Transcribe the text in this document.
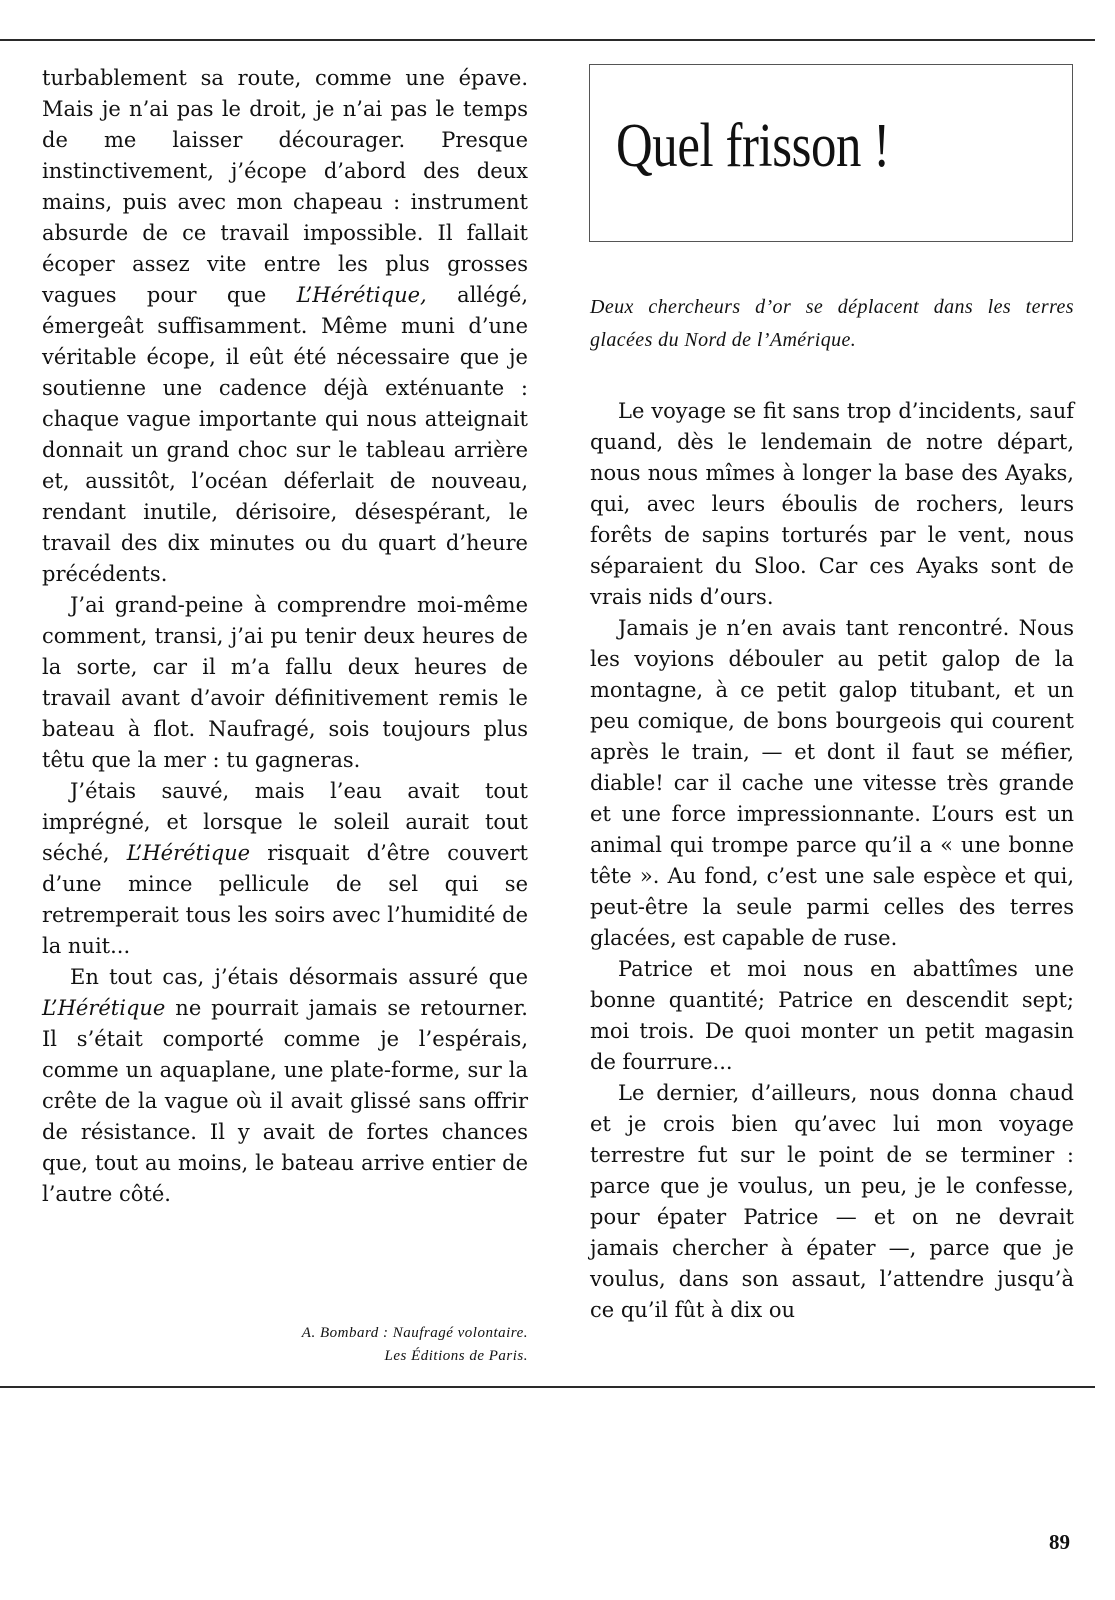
turbablement sa route, comme une épave. Mais je n’ai pas le droit, je n’ai pas le temps de me laisser décourager. Presque instinctivement, j’écope d’abord des deux mains, puis avec mon chapeau : instrument absurde de ce travail impossible. Il fallait écoper assez vite entre les plus grosses vagues pour que L’Hérétique, allégé, émergeât suffisamment. Même muni d’une véritable écope, il eût été nécessaire que je soutienne une cadence déjà exténuante : chaque vague importante qui nous atteignait donnait un grand choc sur le tableau arrière et, aussitôt, l’océan déferlait de nouveau, rendant inutile, dérisoire, désespérant, le travail des dix minutes ou du quart d’heure précédents.

J’ai grand-peine à comprendre moi-même comment, transi, j’ai pu tenir deux heures de la sorte, car il m’a fallu deux heures de travail avant d’avoir définitivement remis le bateau à flot. Naufragé, sois toujours plus têtu que la mer : tu gagneras.

J’étais sauvé, mais l’eau avait tout imprégné, et lorsque le soleil aurait tout séché, L’Hérétique risquait d’être couvert d’une mince pellicule de sel qui se retremperait tous les soirs avec l’humidité de la nuit...

En tout cas, j’étais désormais assuré que L’Hérétique ne pourrait jamais se retourner. Il s’était comporté comme je l’espérais, comme un aquaplane, une plate-forme, sur la crête de la vague où il avait glissé sans offrir de résistance. Il y avait de fortes chances que, tout au moins, le bateau arrive entier de l’autre côté.

A. Bombard : Naufragé volontaire.
Les Éditions de Paris.
Quel frisson !
Deux chercheurs d’or se déplacent dans les terres glacées du Nord de l’Amérique.

Le voyage se fit sans trop d’incidents, sauf quand, dès le lendemain de notre départ, nous nous mîmes à longer la base des Ayaks, qui, avec leurs éboulis de rochers, leurs forêts de sapins torturés par le vent, nous séparaient du Sloo. Car ces Ayaks sont de vrais nids d’ours.

Jamais je n’en avais tant rencontré. Nous les voyions débouler au petit galop de la montagne, à ce petit galop titubant, et un peu comique, de bons bourgeois qui courent après le train, — et dont il faut se méfier, diable! car il cache une vitesse très grande et une force impressionnante. L’ours est un animal qui trompe parce qu’il a « une bonne tête ». Au fond, c’est une sale espèce et qui, peut-être la seule parmi celles des terres glacées, est capable de ruse.

Patrice et moi nous en abattîmes une bonne quantité; Patrice en descendit sept; moi trois. De quoi monter un petit magasin de fourrure...

Le dernier, d’ailleurs, nous donna chaud et je crois bien qu’avec lui mon voyage terrestre fut sur le point de se terminer : parce que je voulus, un peu, je le confesse, pour épater Patrice — et on ne devrait jamais chercher à épater —, parce que je voulus, dans son assaut, l’attendre jusqu’à ce qu’il fût à dix ou

89
